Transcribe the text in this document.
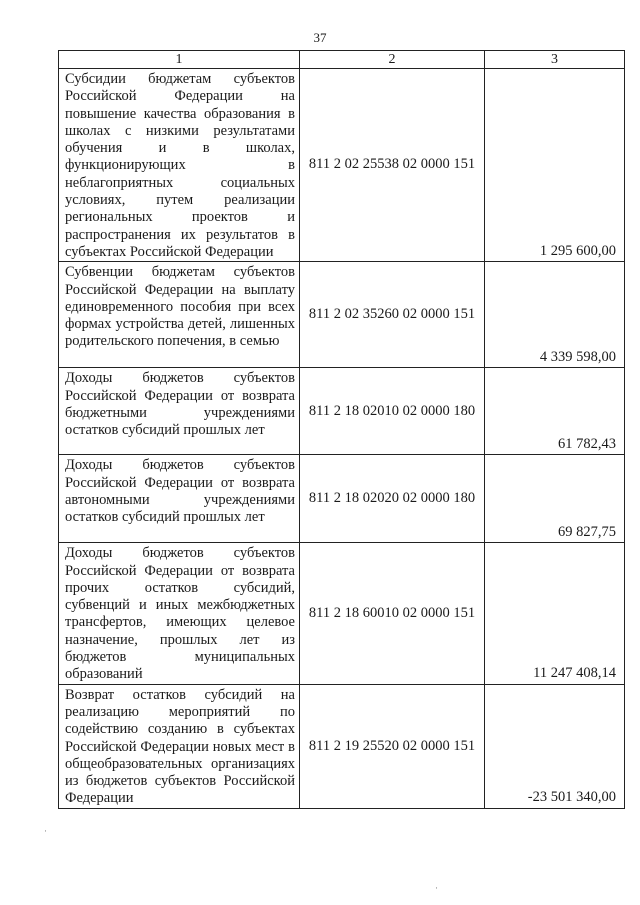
37
1	2	3
Субсидии бюджетам субъектов Российской Федерации на повышение качества образования в школах с низкими результатами обучения и в школах, функционирующих в неблагоприятных социальных условиях, путем реализации региональных проектов и распространения их результатов в субъектах Российской Федерации	811 2 02 25538 02 0000 151	1 295 600,00
Субвенции бюджетам субъектов Российской Федерации на выплату единовременного пособия при всех формах устройства детей, лишенных родительского попечения, в семью	811 2 02 35260 02 0000 151	4 339 598,00
Доходы бюджетов субъектов Российской Федерации от возврата бюджетными учреждениями остатков субсидий прошлых лет	811 2 18 02010 02 0000 180	61 782,43
Доходы бюджетов субъектов Российской Федерации от возврата автономными учреждениями остатков субсидий прошлых лет	811 2 18 02020 02 0000 180	69 827,75
Доходы бюджетов субъектов Российской Федерации от возврата прочих остатков субсидий, субвенций и иных межбюджетных трансфертов, имеющих целевое назначение, прошлых лет из бюджетов муниципальных образований	811 2 18 60010 02 0000 151	11 247 408,14
Возврат остатков субсидий на реализацию мероприятий по содействию созданию в субъектах Российской Федерации новых мест в общеобразовательных организациях из бюджетов субъектов Российской Федерации	811 2 19 25520 02 0000 151	-23 501 340,00
·
·
